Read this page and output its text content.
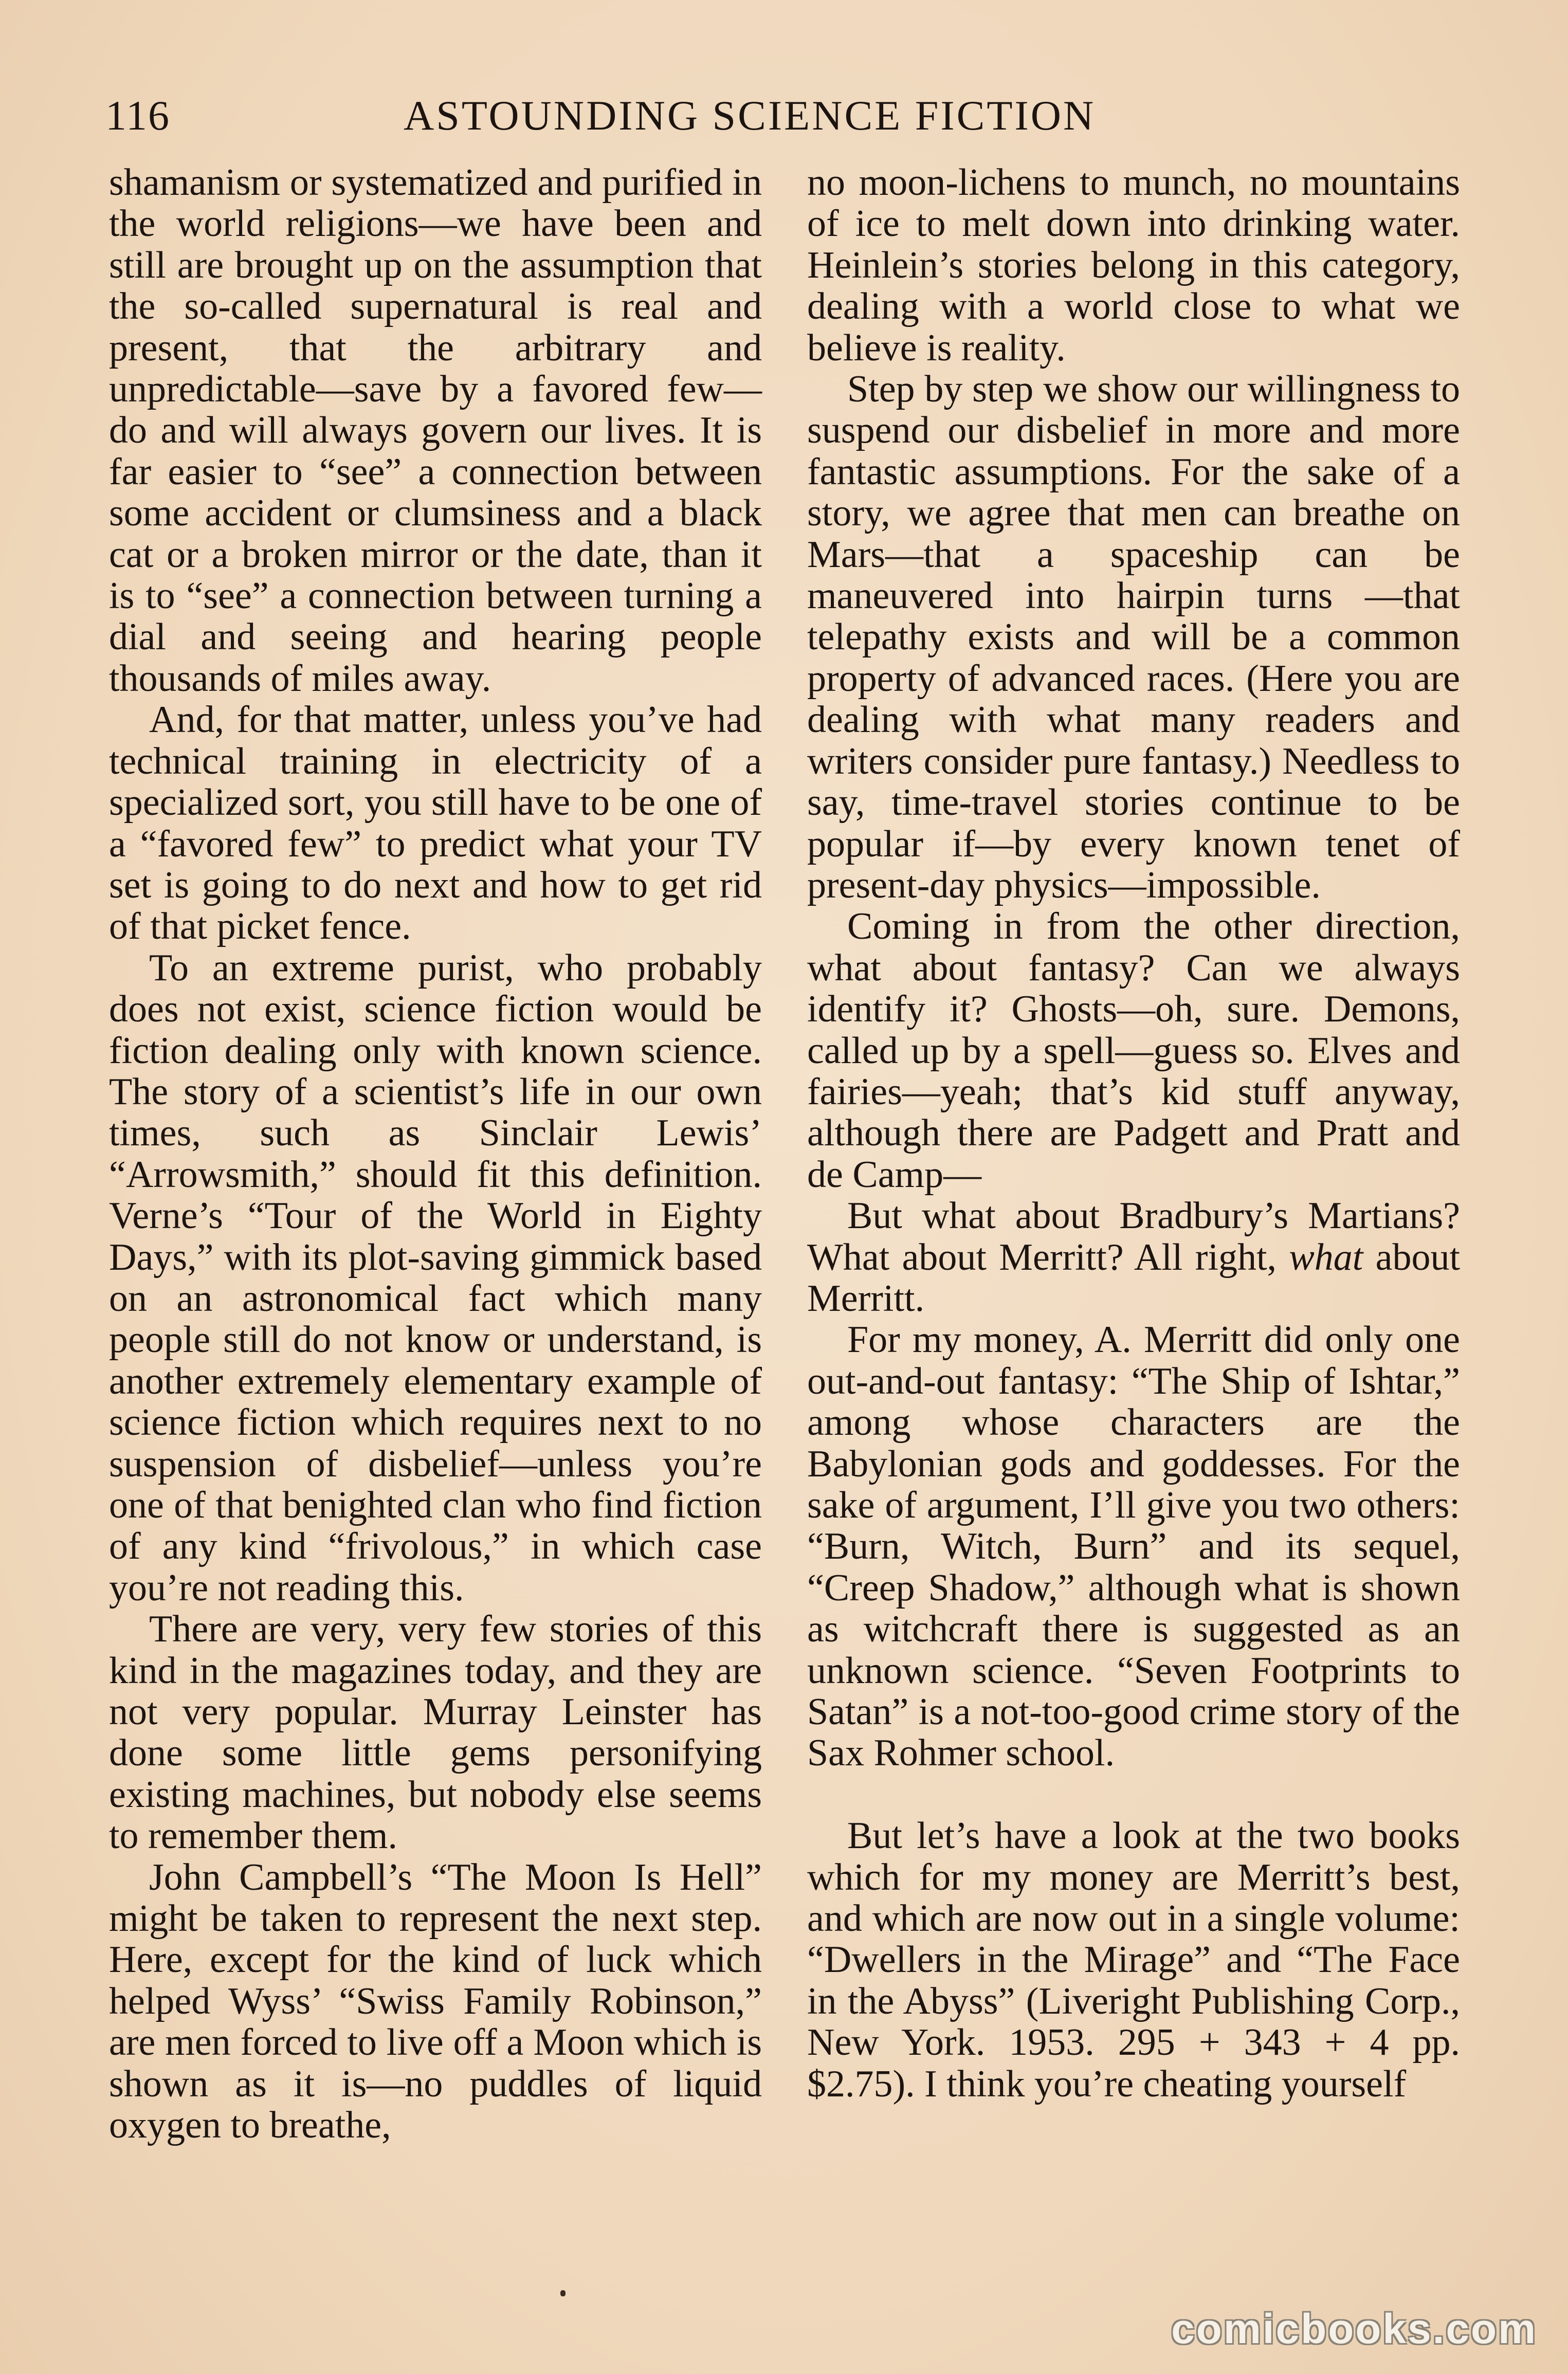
116	ASTOUNDING SCIENCE FICTION

shamanism or systematized and purified in the world religions—we have been and still are brought up on the assumption that the so-called supernatural is real and present, that the arbitrary and unpredictable—save by a favored few—do and will always govern our lives. It is far easier to “see” a connection between some accident or clumsiness and a black cat or a broken mirror or the date, than it is to “see” a connection between turning a dial and seeing and hearing people thousands of miles away.

And, for that matter, unless you’ve had technical training in electricity of a specialized sort, you still have to be one of a “favored few” to predict what your TV set is going to do next and how to get rid of that picket fence.

To an extreme purist, who probably does not exist, science fiction would be fiction dealing only with known science. The story of a scientist’s life in our own times, such as Sinclair Lewis’ “Arrowsmith,” should fit this definition. Verne’s “Tour of the World in Eighty Days,” with its plot-saving gimmick based on an astronomical fact which many people still do not know or understand, is another extremely elementary example of science fiction which requires next to no suspension of disbelief—unless you’re one of that benighted clan who find fiction of any kind “frivolous,” in which case you’re not reading this.

There are very, very few stories of this kind in the magazines today, and they are not very popular. Murray Leinster has done some little gems personifying existing machines, but nobody else seems to remember them.

John Campbell’s “The Moon Is Hell” might be taken to represent the next step. Here, except for the kind of luck which helped Wyss’ “Swiss Family Robinson,” are men forced to live off a Moon which is shown as it is—no puddles of liquid oxygen to breathe,

no moon-lichens to munch, no mountains of ice to melt down into drinking water. Heinlein’s stories belong in this category, dealing with a world close to what we believe is reality.

Step by step we show our willingness to suspend our disbelief in more and more fantastic assumptions. For the sake of a story, we agree that men can breathe on Mars—that a spaceship can be maneuvered into hairpin turns —that telepathy exists and will be a common property of advanced races. (Here you are dealing with what many readers and writers consider pure fantasy.) Needless to say, time-travel stories continue to be popular if—by every known tenet of present-day physics—impossible.

Coming in from the other direction, what about fantasy? Can we always identify it? Ghosts—oh, sure. Demons, called up by a spell—guess so. Elves and fairies—yeah; that’s kid stuff anyway, although there are Padgett and Pratt and de Camp—

But what about Bradbury’s Martians? What about Merritt? All right, what about Merritt.

For my money, A. Merritt did only one out-and-out fantasy: “The Ship of Ishtar,” among whose characters are the Babylonian gods and goddesses. For the sake of argument, I’ll give you two others: “Burn, Witch, Burn” and its sequel, “Creep Shadow,” although what is shown as witchcraft there is suggested as an unknown science. “Seven Footprints to Satan” is a not-too-good crime story of the Sax Rohmer school.

But let’s have a look at the two books which for my money are Merritt’s best, and which are now out in a single volume: “Dwellers in the Mirage” and “The Face in the Abyss” (Liveright Publishing Corp., New York. 1953. 295 + 343 + 4 pp. $2.75). I think you’re cheating yourself

comicbooks.com
